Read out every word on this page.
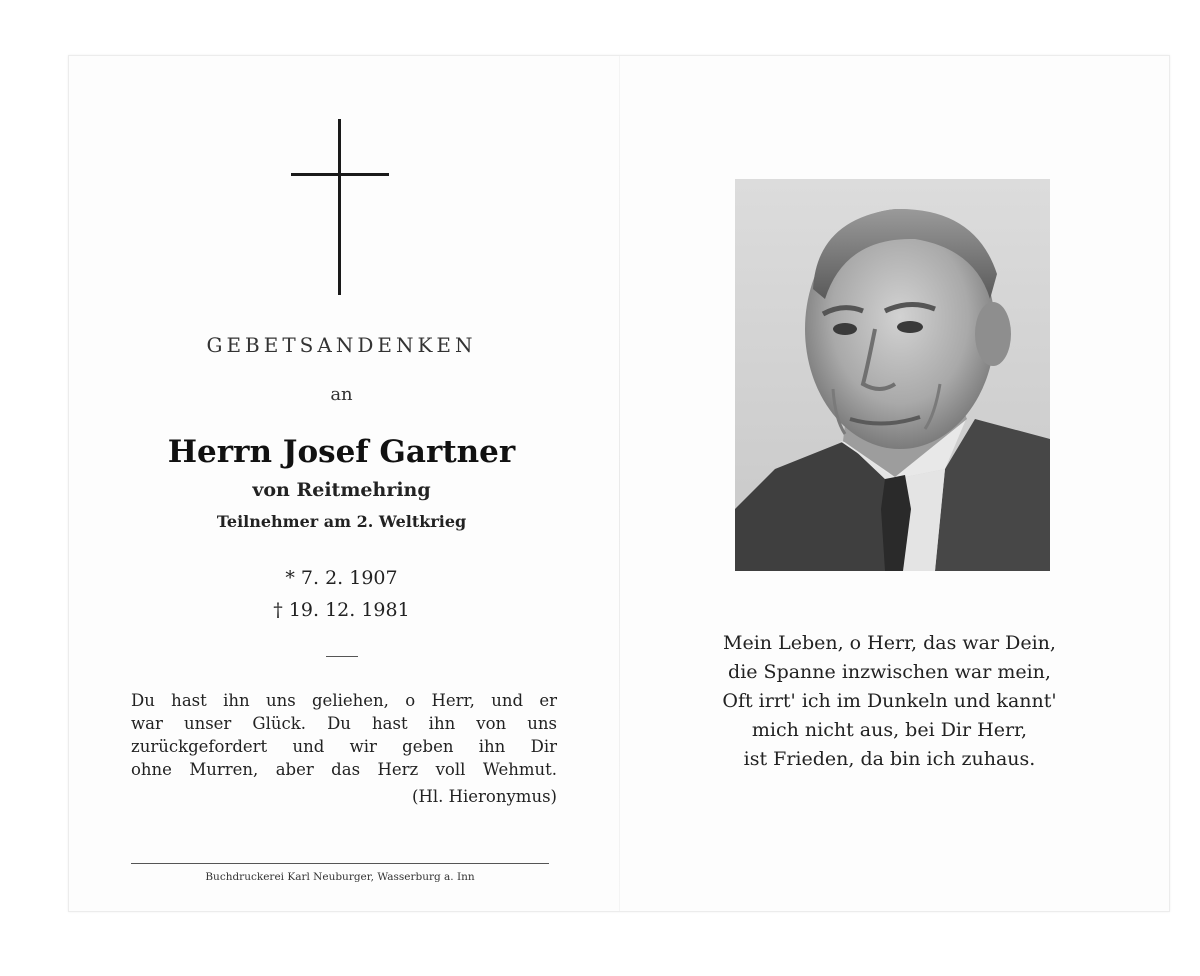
GEBETSANDENKEN
an
Herrn Josef Gartner
von Reitmehring
Teilnehmer am 2. Weltkrieg
* 7. 2. 1907
† 19. 12. 1981
Du hast ihn uns geliehen, o Herr, und er
war unser Glück. Du hast ihn von uns
zurückgefordert und wir geben ihn Dir
ohne Murren, aber das Herz voll Wehmut.
(Hl. Hieronymus)
Buchdruckerei Karl Neuburger, Wasserburg a. Inn
Mein Leben, o Herr, das war Dein,
die Spanne inzwischen war mein,
Oft irrt' ich im Dunkeln und kannt'
mich nicht aus, bei Dir Herr,
ist Frieden, da bin ich zuhaus.
